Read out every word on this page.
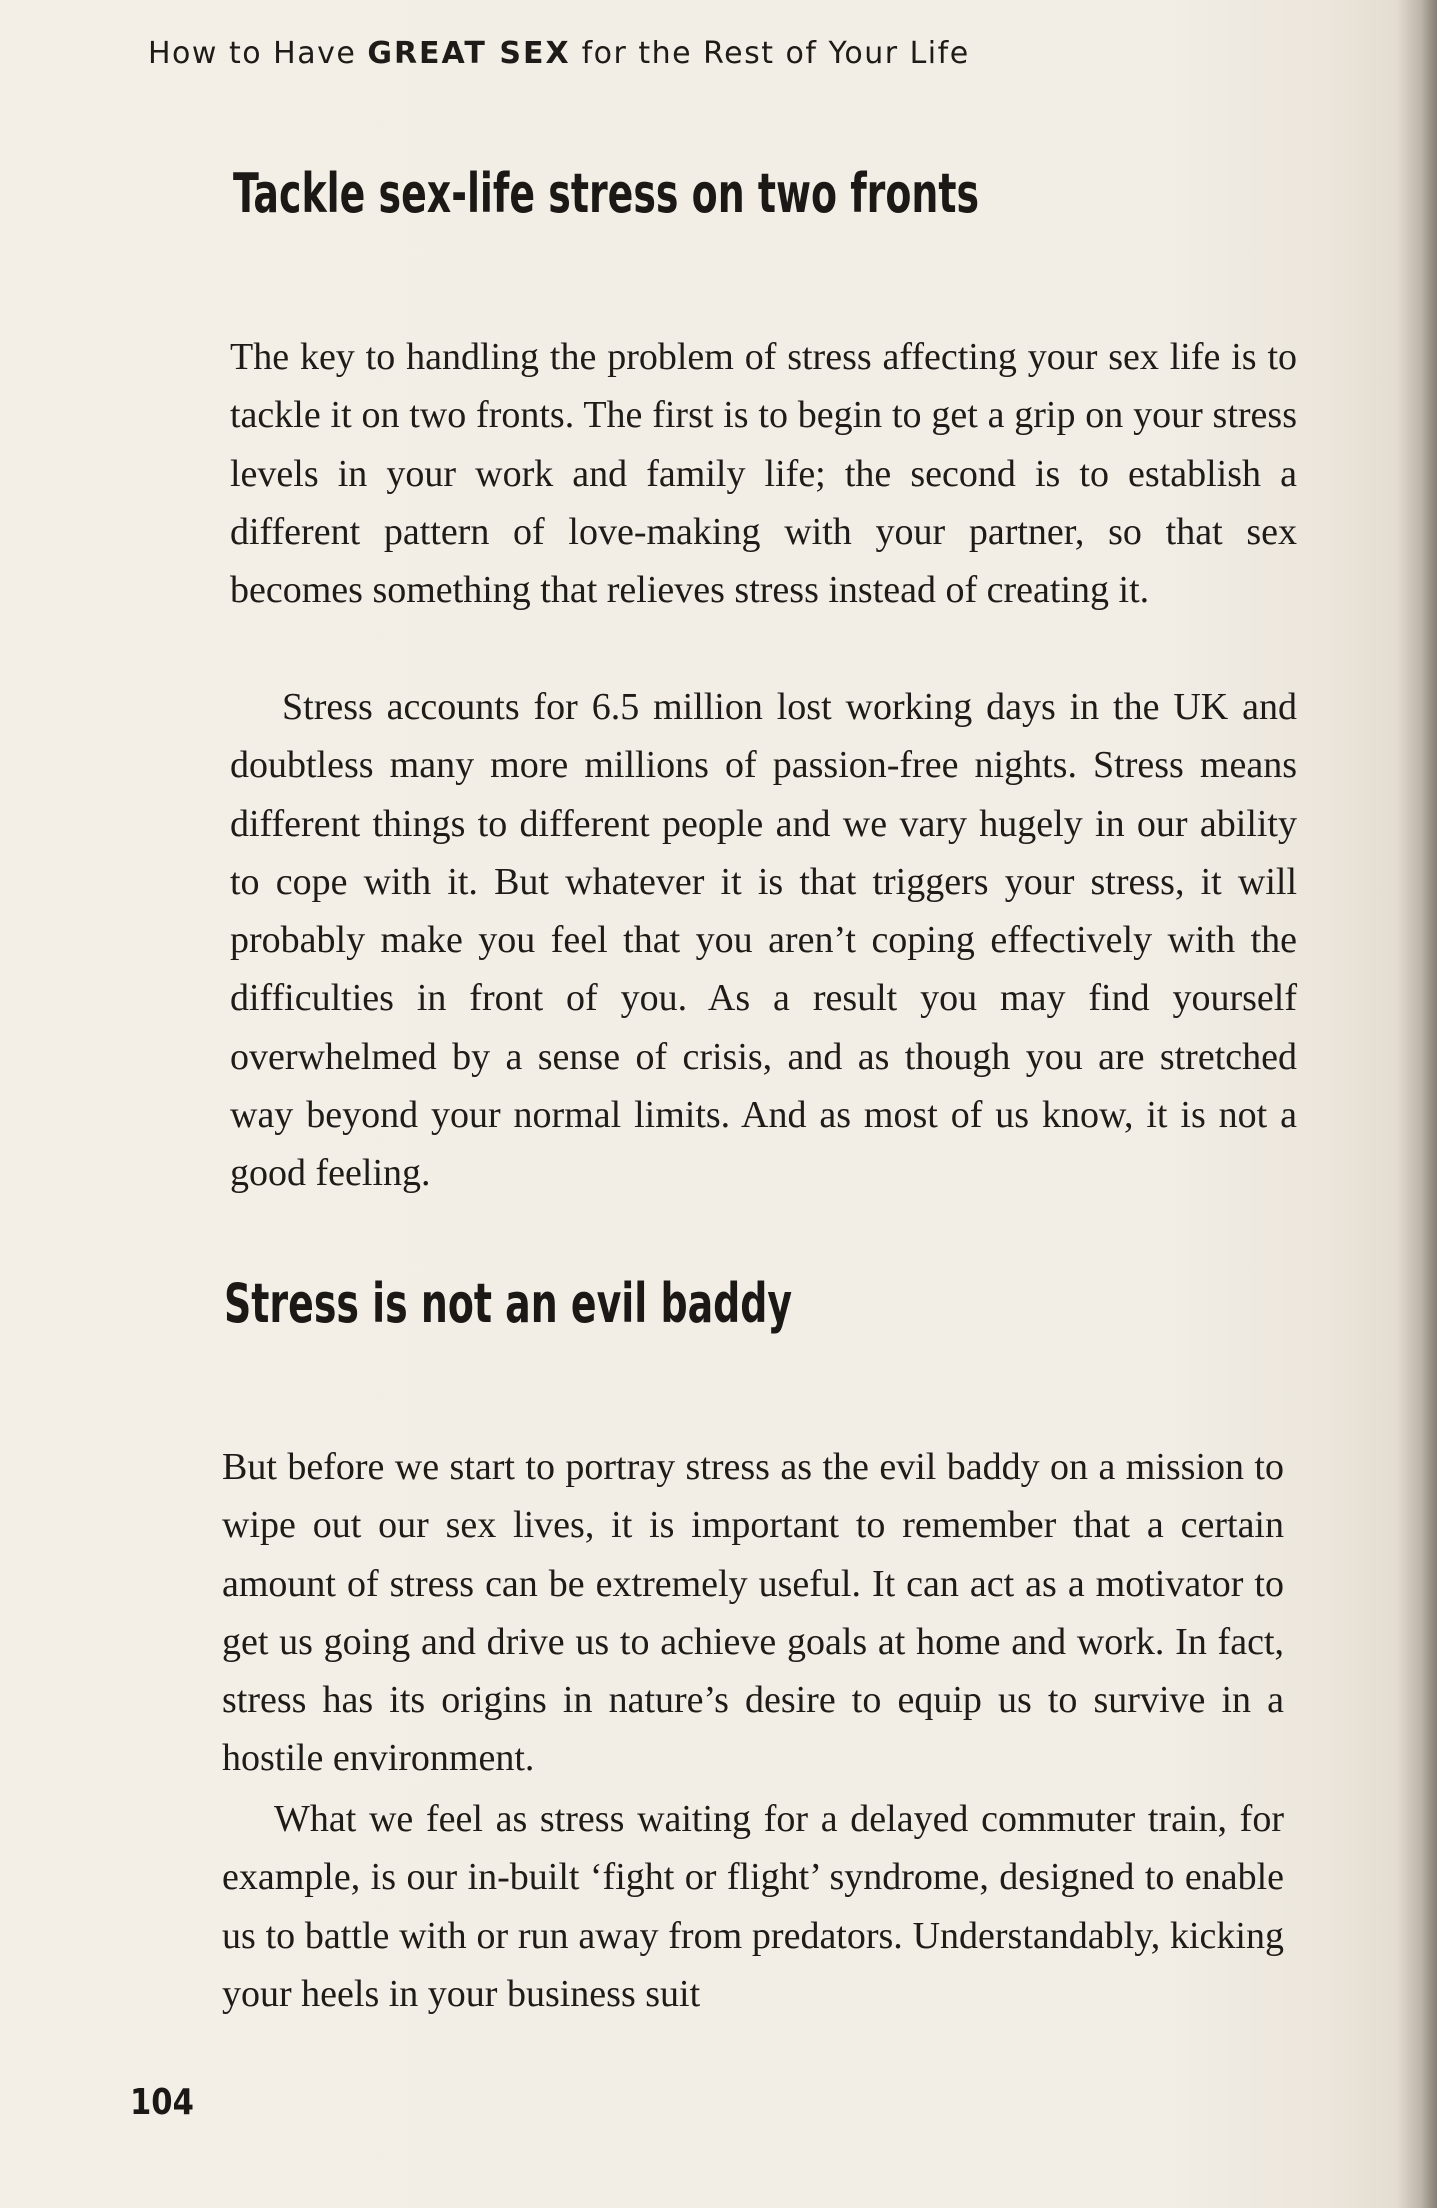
How to Have GREAT SEX for the Rest of Your Life
Tackle sex-life stress on two fronts

The key to handling the problem of stress affecting your sex life is to tackle it on two fronts. The first is to begin to get a grip on your stress levels in your work and family life; the second is to establish a different pattern of love-making with your partner, so that sex becomes something that relieves stress instead of creating it.

Stress accounts for 6.5 million lost working days in the UK and doubtless many more millions of passion-free nights. Stress means different things to different people and we vary hugely in our ability to cope with it. But whatever it is that triggers your stress, it will probably make you feel that you aren’t coping effectively with the difficulties in front of you. As a result you may find yourself overwhelmed by a sense of crisis, and as though you are stretched way beyond your normal limits. And as most of us know, it is not a good feeling.

Stress is not an evil baddy

But before we start to portray stress as the evil baddy on a mission to wipe out our sex lives, it is important to remember that a certain amount of stress can be extremely useful. It can act as a motivator to get us going and drive us to achieve goals at home and work. In fact, stress has its origins in nature’s desire to equip us to survive in a hostile environment.

What we feel as stress waiting for a delayed commuter train, for example, is our in-built ‘fight or flight’ syndrome, designed to enable us to battle with or run away from predators. Understandably, kicking your heels in your business suit

104
